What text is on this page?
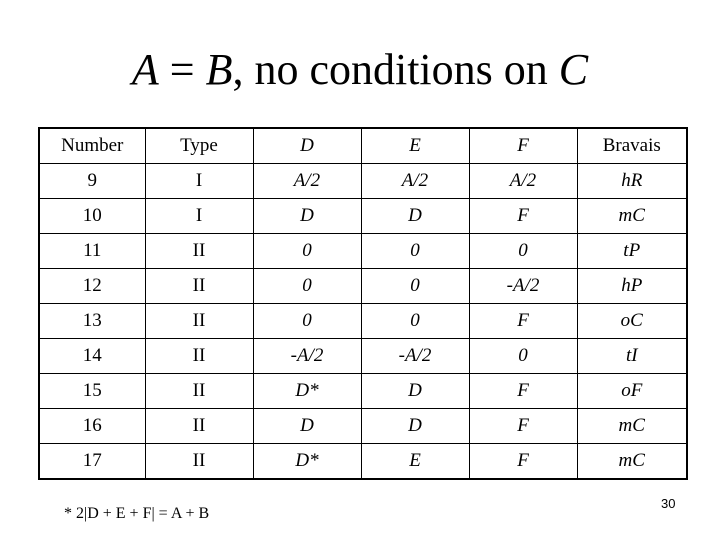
A = B, no conditions on C
Number	Type	D	E	F	Bravais
9	I	A/2	A/2	A/2	hR
10	I	D	D	F	mC
11	II	0	0	0	tP
12	II	0	0	-A/2	hP
13	II	0	0	F	oC
14	II	-A/2	-A/2	0	tI
15	II	D*	D	F	oF
16	II	D	D	F	mC
17	II	D*	E	F	mC
* 2|D + E + F| = A + B
30
